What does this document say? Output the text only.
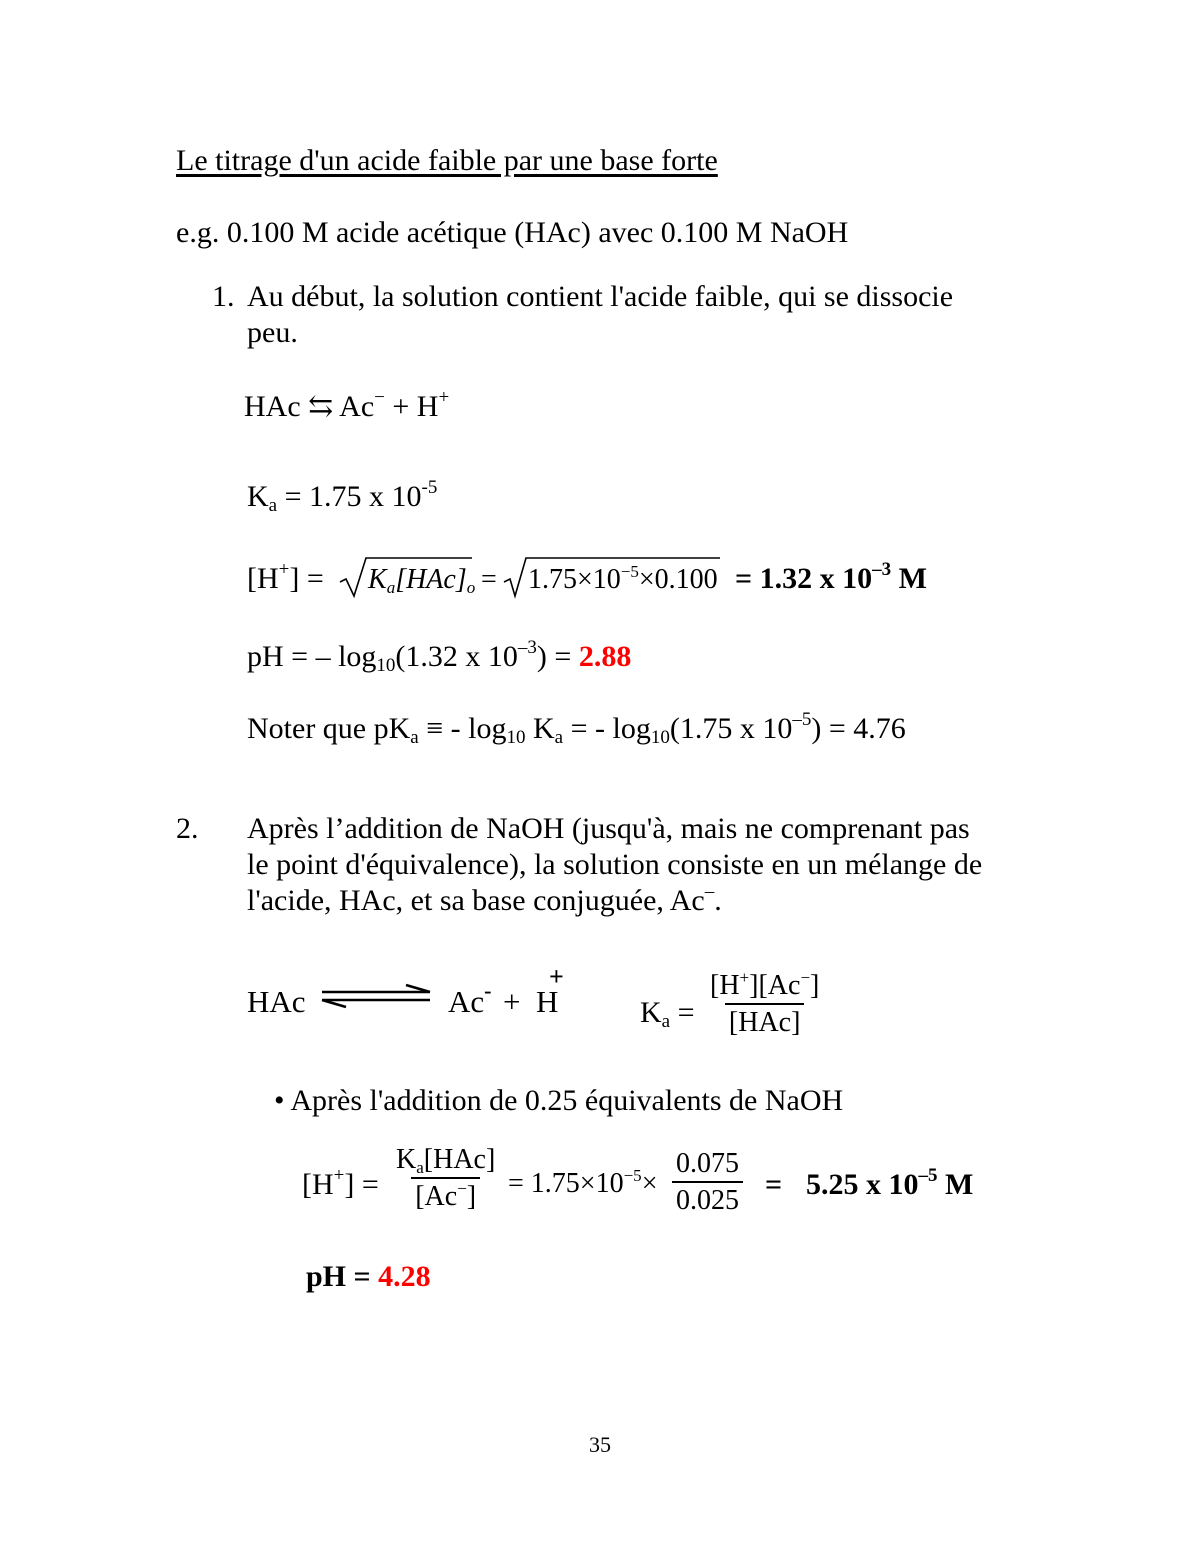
Le titrage d'un acide faible par une base forte
e.g. 0.100 M acide acétique (HAc) avec 0.100 M NaOH
1. Au début, la solution contient l'acide faible, qui se dissocie
peu.
HAc ⇆ Ac− + H+
Ka = 1.75 x $10^{-5}$
$[H^+] = Ka[HAc]o = 1.75\times 10^{-5}\times 0.100 = 1.32$ x $10^{-3}$ M
pH = – log10(1.32 x $10^{-3}) = 2.88$
Noter que pKa ≡ - log10 Ka = - log10(1.75 x $10^{-5}) = 4.76$
2. Après l’addition de NaOH (jusqu'à, mais ne comprenant pas
le point d'équivalence), la solution consiste en un mélange de
l'acide, HAc, et sa base conjuguée, Ac–.
HAc	Ac- + H
+
$Ka = \frac{[H^+][Ac^-]}{\text{[HAc]}}$
• Après l'addition de 0.25 équivalents de NaOH
$[H^+] = \frac{\text{Ka[HAc]}}{[Ac^-]} = 1.75\times 10^{-5}\times \frac{0.075}{0.025} = 5.25$ x $10^{-5}$ M
pH = 4.28
35
